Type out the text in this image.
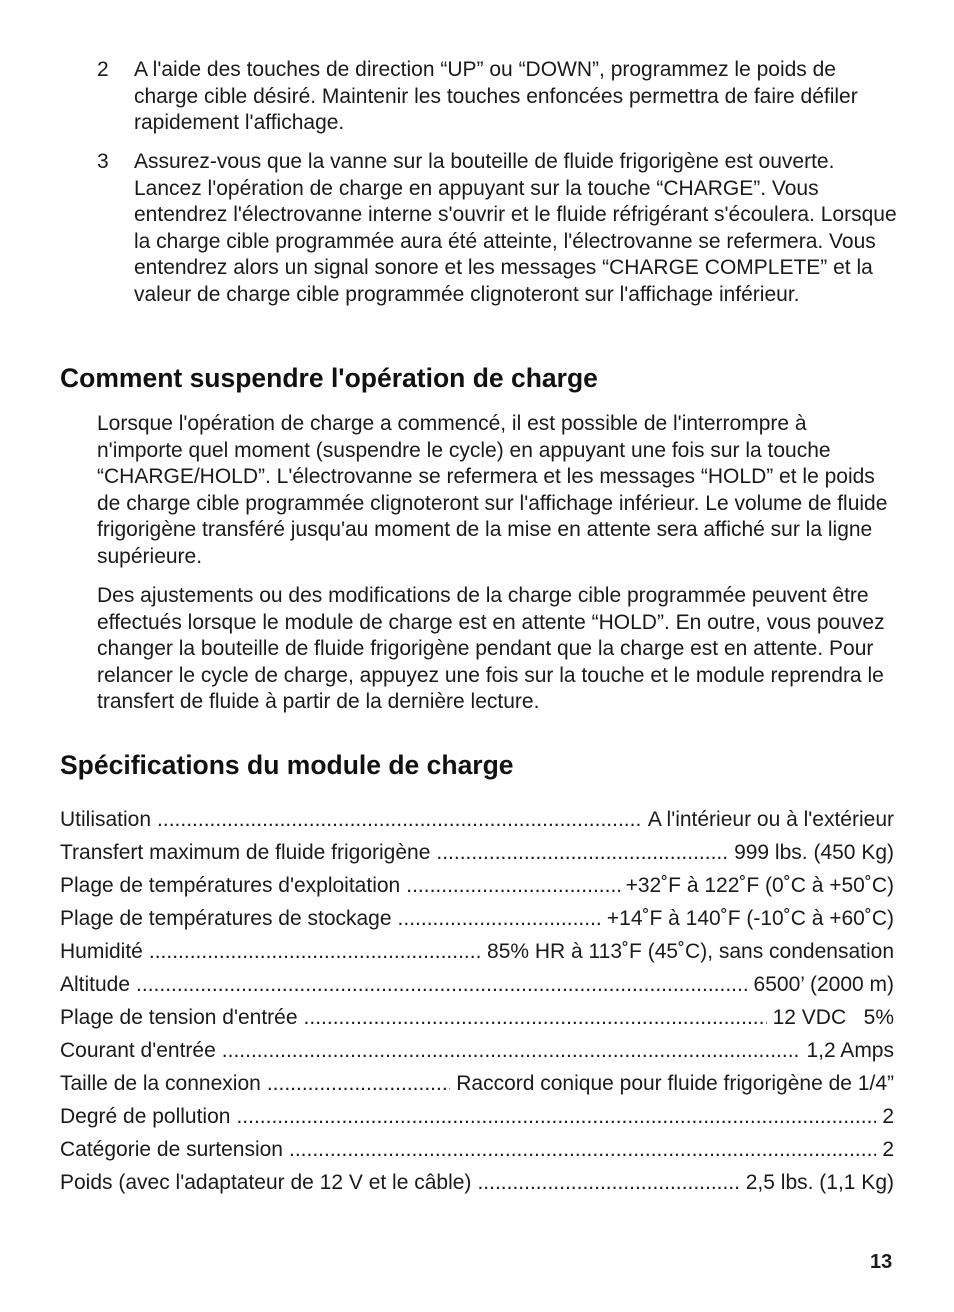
2 A l'aide des touches de direction “UP” ou “DOWN”, programmez le poids de charge cible désiré. Maintenir les touches enfoncées permettra de faire défiler rapidement l'affichage.
3 Assurez-vous que la vanne sur la bouteille de fluide frigorigène est ouverte. Lancez l'opération de charge en appuyant sur la touche “CHARGE”. Vous entendrez l'électrovanne interne s'ouvrir et le fluide réfrigérant s'écoulera. Lorsque la charge cible programmée aura été atteinte, l'électrovanne se refermera. Vous entendrez alors un signal sonore et les messages “CHARGE COMPLETE” et la valeur de charge cible programmée clignoteront sur l'affichage inférieur.
Comment suspendre l'opération de charge

Lorsque l'opération de charge a commencé, il est possible de l'interrompre à n'importe quel moment (suspendre le cycle) en appuyant une fois sur la touche “CHARGE/HOLD”. L'électrovanne se refermera et les messages “HOLD” et le poids de charge cible programmée clignoteront sur l'affichage inférieur. Le volume de fluide frigorigène transféré jusqu'au moment de la mise en attente sera affiché sur la ligne supérieure.

Des ajustements ou des modifications de la charge cible programmée peuvent être effectués lorsque le module de charge est en attente “HOLD”. En outre, vous pouvez changer la bouteille de fluide frigorigène pendant que la charge est en attente. Pour relancer le cycle de charge, appuyez une fois sur la touche et le module reprendra le transfert de fluide à partir de la dernière lecture.

Spécifications du module de charge
Utilisation .....	A l'intérieur ou à l'extérieur
Transfert maximum de fluide frigorigène .....	999 lbs. (450 Kg)
Plage de températures d'exploitation .....	+32˚F à 122˚F (0˚C à +50˚C)
Plage de températures de stockage .....	+14˚F à 140˚F (-10˚C à +60˚C)
Humidité .....	85% HR à 113˚F (45˚C), sans condensation
Altitude .....	6500’ (2000 m)
Plage de tension d'entrée .....	12 VDC   5%
Courant d'entrée .....	1,2 Amps
Taille de la connexion .....	Raccord conique pour fluide frigorigène de 1/4”
Degré de pollution .....	2
Catégorie de surtension .....	2
Poids (avec l'adaptateur de 12 V et le câble) .....	2,5 lbs. (1,1 Kg)
13
